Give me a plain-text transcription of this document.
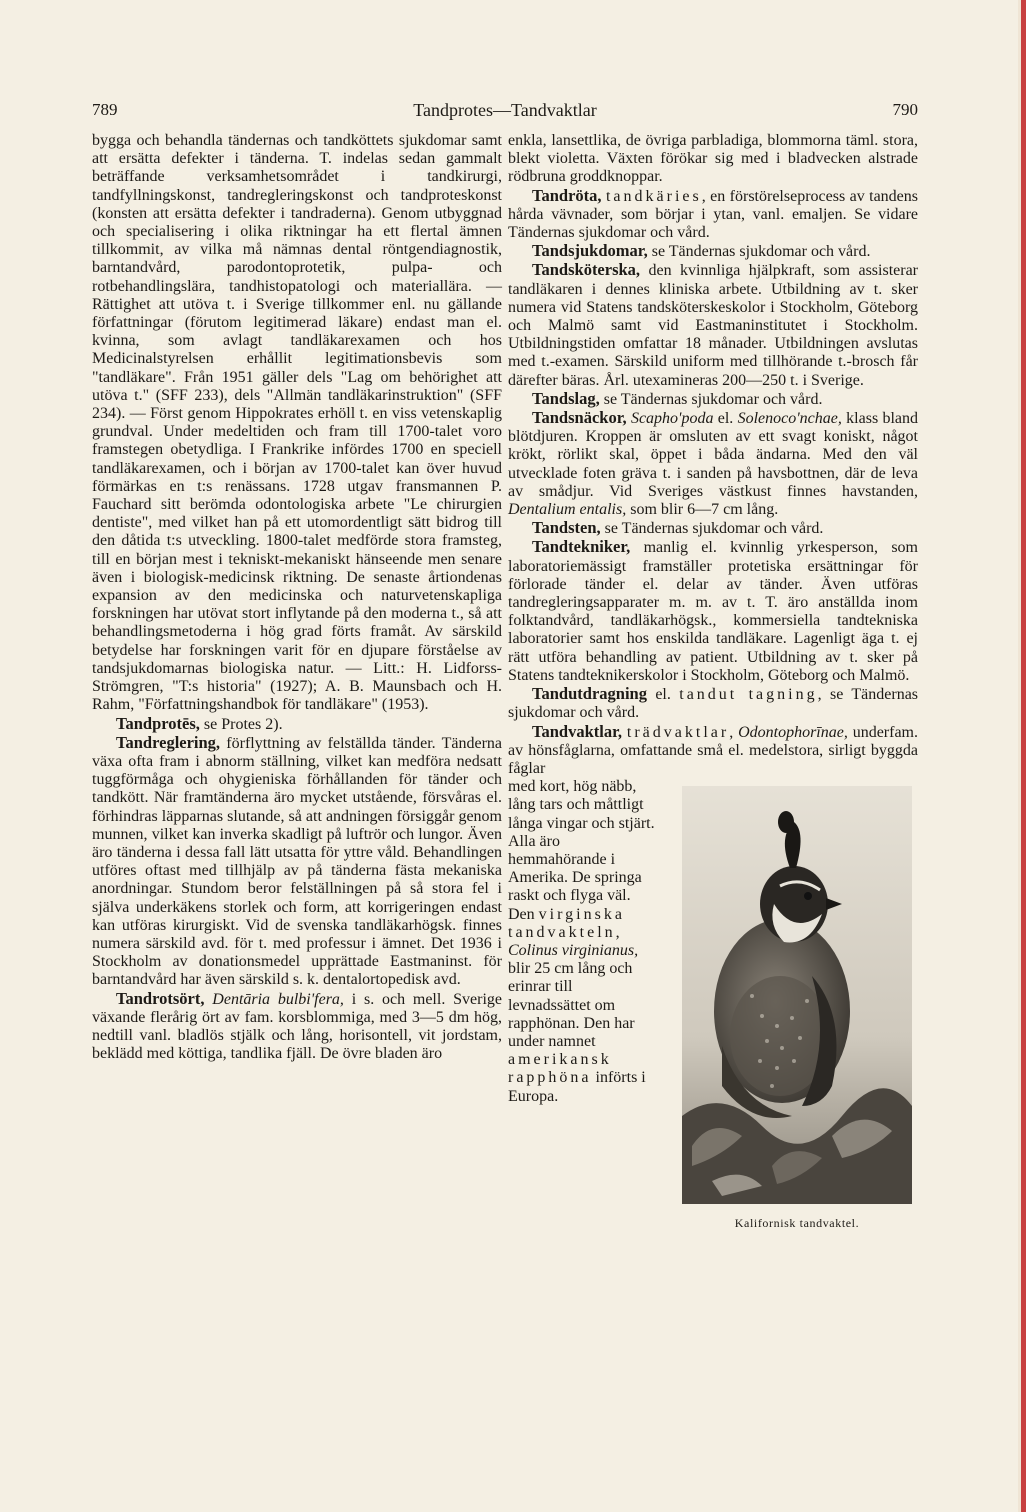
789	Tandprotes—Tandvaktlar	790

bygga och behandla tändernas och tandköttets sjukdomar samt att ersätta defekter i tänderna. T. indelas sedan gammalt beträffande verksamhetsområdet i tandkirurgi, tandfyllningskonst, tandregleringskonst och tandproteskonst (konsten att ersätta defekter i tandraderna). Genom utbyggnad och specialisering i olika riktningar ha ett flertal ämnen tillkommit, av vilka må nämnas dental röntgendiagnostik, barntandvård, parodontoprotetik, pulpa- och rotbehandlingslära, tandhistopatologi och materiallära. — Rättighet att utöva t. i Sverige tillkommer enl. nu gällande författningar (förutom legitimerad läkare) endast man el. kvinna, som avlagt tandläkarexamen och hos Medicinalstyrelsen erhållit legitimationsbevis som "tandläkare". Från 1951 gäller dels "Lag om behörighet att utöva t." (SFF 233), dels "Allmän tandläkarinstruktion" (SFF 234). — Först genom Hippokrates erhöll t. en viss vetenskaplig grundval. Under medeltiden och fram till 1700-talet voro framstegen obetydliga. I Frankrike infördes 1700 en speciell tandläkarexamen, och i början av 1700-talet kan över huvud förmärkas en t:s renässans. 1728 utgav fransmannen P. Fauchard sitt berömda odontologiska arbete "Le chirurgien dentiste", med vilket han på ett utomordentligt sätt bidrog till den dåtida t:s utveckling. 1800-talet medförde stora framsteg, till en början mest i tekniskt-mekaniskt hänseende men senare även i biologisk-medicinsk riktning. De senaste årtiondenas expansion av den medicinska och naturvetenskapliga forskningen har utövat stort inflytande på den moderna t., så att behandlingsmetoderna i hög grad förts framåt. Av särskild betydelse har forskningen varit för en djupare förståelse av tandsjukdomarnas biologiska natur. — Litt.: H. Lidforss-Strömgren, "T:s historia" (1927); A. B. Maunsbach och H. Rahm, "Författningshandbok för tandläkare" (1953).

Tandprotēs, se Protes 2).

Tandreglering, förflyttning av felställda tänder. Tänderna växa ofta fram i abnorm ställning, vilket kan medföra nedsatt tuggförmåga och ohygieniska förhållanden för tänder och tandkött. När framtänderna äro mycket utstående, försvåras el. förhindras läpparnas slutande, så att andningen försiggår genom munnen, vilket kan inverka skadligt på luftrör och lungor. Även äro tänderna i dessa fall lätt utsatta för yttre våld. Behandlingen utföres oftast med tillhjälp av på tänderna fästa mekaniska anordningar. Stundom beror felställningen på så stora fel i själva underkäkens storlek och form, att korrigeringen endast kan utföras kirurgiskt. Vid de svenska tandläkarhögsk. finnes numera särskild avd. för t. med professur i ämnet. Det 1936 i Stockholm av donationsmedel upprättade Eastmaninst. för barntandvård har även särskild s. k. dentalortopedisk avd.

Tandrotsört, Dentāria bulbi'fera, i s. och mell. Sverige växande flerårig ört av fam. korsblommiga, med 3—5 dm hög, nedtill vanl. bladlös stjälk och lång, horisontell, vit jordstam, beklädd med köttiga, tandlika fjäll. De övre bladen äro

enkla, lansettlika, de övriga parbladiga, blommorna täml. stora, blekt violetta. Växten förökar sig med i bladvecken alstrade rödbruna groddknoppar.

Tandröta, tandkäries, en förstörelseprocess av tandens hårda vävnader, som börjar i ytan, vanl. emaljen. Se vidare Tändernas sjukdomar och vård.

Tandsjukdomar, se Tändernas sjukdomar och vård.

Tandsköterska, den kvinnliga hjälpkraft, som assisterar tandläkaren i dennes kliniska arbete. Utbildning av t. sker numera vid Statens tandsköterskeskolor i Stockholm, Göteborg och Malmö samt vid Eastmaninstitutet i Stockholm. Utbildningstiden omfattar 18 månader. Utbildningen avslutas med t.-examen. Särskild uniform med tillhörande t.-brosch får därefter bäras. Årl. utexamineras 200—250 t. i Sverige.

Tandslag, se Tändernas sjukdomar och vård.

Tandsnäckor, Scapho'poda el. Solenoco'nchae, klass bland blötdjuren. Kroppen är omsluten av ett svagt koniskt, något krökt, rörlikt skal, öppet i båda ändarna. Med den väl utvecklade foten gräva t. i sanden på havsbottnen, där de leva av smådjur. Vid Sveriges västkust finnes havstanden, Dentalium entalis, som blir 6—7 cm lång.

Tandsten, se Tändernas sjukdomar och vård.

Tandtekniker, manlig el. kvinnlig yrkesperson, som laboratoriemässigt framställer protetiska ersättningar för förlorade tänder el. delar av tänder. Även utföras tandregleringsapparater m. m. av t. T. äro anställda inom folktandvård, tandläkarhögsk., kommersiella tandtekniska laboratorier samt hos enskilda tandläkare. Lagenligt äga t. ej rätt utföra behandling av patient. Utbildning av t. sker på Statens tandteknikerskolor i Stockholm, Göteborg och Malmö.

Tandutdragning el. tandut tagning, se Tändernas sjukdomar och vård.

Tandvaktlar, trädvaktlar, Odontophorīnae, underfam. av hönsfåglarna, omfattande små el. medelstora, sirligt byggda fåglar

med kort, hög näbb, lång tars och måttligt långa vingar och stjärt. Alla äro hemmahörande i Amerika. De springa raskt och flyga väl. Den virginska tandvakteln, Colinus virginianus, blir 25 cm lång och erinrar till levnadssättet om rapphönan. Den har under namnet amerikansk rapphöna införts i Europa.

Kalifornisk tandvaktel.
